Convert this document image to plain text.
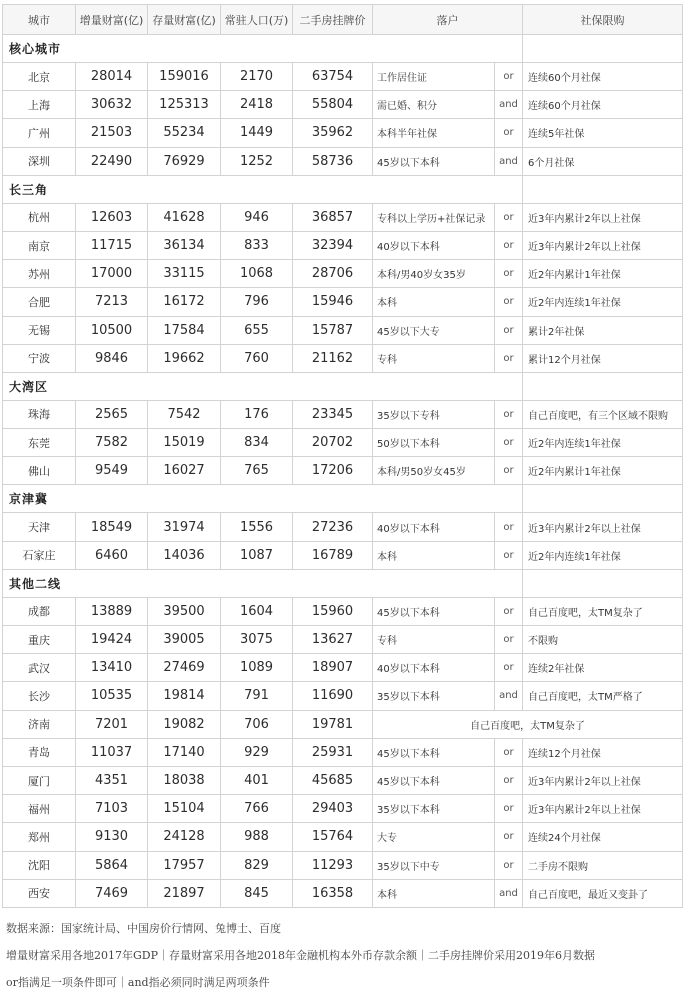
城市	增量财富(亿)	存量财富(亿)	常驻人口(万)	二手房挂牌价	落户		社保限购
核心城市							
北京	28014	159016	2170	63754	工作居住证	or	连续60个月社保
上海	30632	125313	2418	55804	需已婚、积分	and	连续60个月社保
广州	21503	55234	1449	35962	本科半年社保	or	连续5年社保
深圳	22490	76929	1252	58736	45岁以下本科	and	6个月社保
长三角							
杭州	12603	41628	946	36857	专科以上学历+社保记录	or	近3年内累计2年以上社保
南京	11715	36134	833	32394	40岁以下本科	or	近3年内累计2年以上社保
苏州	17000	33115	1068	28706	本科/男40岁女35岁	or	近2年内累计1年社保
合肥	7213	16172	796	15946	本科	or	近2年内连续1年社保
无锡	10500	17584	655	15787	45岁以下大专	or	累计2年社保
宁波	9846	19662	760	21162	专科	or	累计12个月社保
大湾区							
珠海	2565	7542	176	23345	35岁以下专科	or	自己百度吧，有三个区域不限购
东莞	7582	15019	834	20702	50岁以下本科	or	近2年内连续1年社保
佛山	9549	16027	765	17206	本科/男50岁女45岁	or	近2年内累计1年社保
京津冀							
天津	18549	31974	1556	27236	40岁以下本科	or	近3年内累计2年以上社保
石家庄	6460	14036	1087	16789	本科	or	近2年内连续1年社保
其他二线							
成都	13889	39500	1604	15960	45岁以下本科	or	自己百度吧，太TM复杂了
重庆	19424	39005	3075	13627	专科	or	不限购
武汉	13410	27469	1089	18907	40岁以下本科	or	连续2年社保
长沙	10535	19814	791	11690	35岁以下本科	and	自己百度吧，太TM严格了
济南	7201	19082	706	19781	自己百度吧，太TM复杂了		
青岛	11037	17140	929	25931	45岁以下本科	or	连续12个月社保
厦门	4351	18038	401	45685	45岁以下本科	or	近3年内累计2年以上社保
福州	7103	15104	766	29403	35岁以下本科	or	近3年内累计2年以上社保
郑州	9130	24128	988	15764	大专	or	连续24个月社保
沈阳	5864	17957	829	11293	35岁以下中专	or	二手房不限购
西安	7469	21897	845	16358	本科	and	自己百度吧，最近又变卦了
数据来源：国家统计局、中国房价行情网、兔博士、百度
增量财富采用各地2017年GDP｜存量财富采用各地2018年金融机构本外币存款余额｜二手房挂牌价采用2019年6月数据
or指满足一项条件即可｜and指必须同时满足两项条件
